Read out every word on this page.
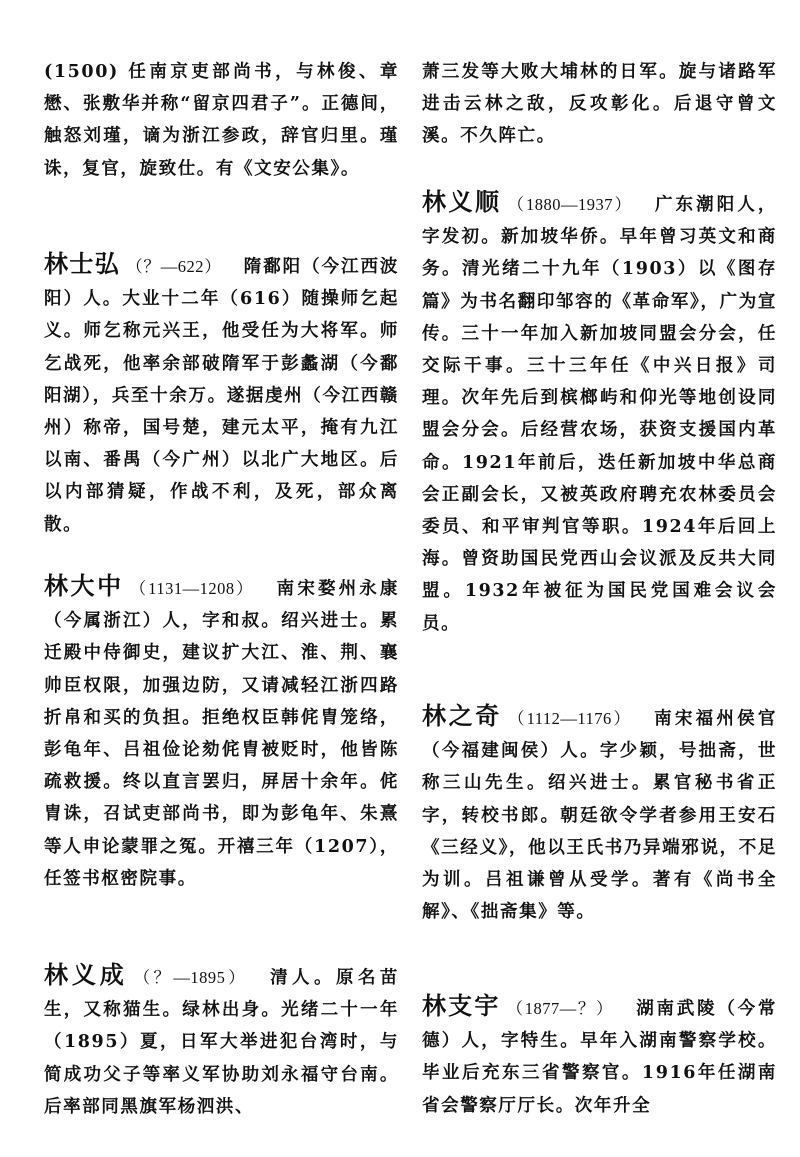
(1500) 任南京吏部尚书，与林俊、章懋、张敷华并称“留京四君子”。正德间，触怒刘瑾，谪为浙江参政，辞官归里。瑾诛，复官，旋致仕。有《文安公集》。
林士弘 （？—622） 隋鄱阳（今江西波阳）人。大业十二年（616）随操师乞起义。师乞称元兴王，他受任为大将军。师乞战死，他率余部破隋军于彭蠡湖（今鄱阳湖），兵至十余万。遂据虔州（今江西赣州）称帝，国号楚，建元太平，掩有九江以南、番禺（今广州）以北广大地区。后以内部猜疑，作战不利，及死，部众离散。
林大中 （1131—1208） 南宋婺州永康（今属浙江）人，字和叔。绍兴进士。累迁殿中侍御史，建议扩大江、淮、荆、襄帅臣权限，加强边防，又请减轻江浙四路折帛和买的负担。拒绝权臣韩侂胄笼络，彭龟年、吕祖俭论劾侂胄被贬时，他皆陈疏救援。终以直言罢归，屏居十余年。侂胄诛，召试吏部尚书，即为彭龟年、朱熹等人申论蒙罪之冤。开禧三年（1207），任签书枢密院事。
林义成 （？—1895） 清人。原名苗生，又称猫生。绿林出身。光绪二十一年（1895）夏，日军大举进犯台湾时，与简成功父子等率义军协助刘永福守台南。后率部同黑旗军杨泗洪、
萧三发等大败大埔林的日军。旋与诸路军进击云林之敌，反攻彰化。后退守曾文溪。不久阵亡。
林义顺 （1880—1937） 广东潮阳人，字发初。新加坡华侨。早年曾习英文和商务。清光绪二十九年（1903）以《图存篇》为书名翻印邹容的《革命军》，广为宣传。三十一年加入新加坡同盟会分会，任交际干事。三十三年任《中兴日报》司理。次年先后到槟榔屿和仰光等地创设同盟会分会。后经营农场，获资支援国内革命。1921年前后，迭任新加坡中华总商会正副会长，又被英政府聘充农林委员会委员、和平审判官等职。1924年后回上海。曾资助国民党西山会议派及反共大同盟。1932年被征为国民党国难会议会员。
林之奇 （1112—1176） 南宋福州侯官（今福建闽侯）人。字少颖，号拙斋，世称三山先生。绍兴进士。累官秘书省正字，转校书郎。朝廷欲令学者参用王安石《三经义》，他以王氏书乃异端邪说，不足为训。吕祖谦曾从受学。著有《尚书全解》、《拙斋集》等。
林支宇 （1877—？） 湖南武陵（今常德）人，字特生。早年入湖南警察学校。毕业后充东三省警察官。1916年任湖南省会警察厅厅长。次年升全
